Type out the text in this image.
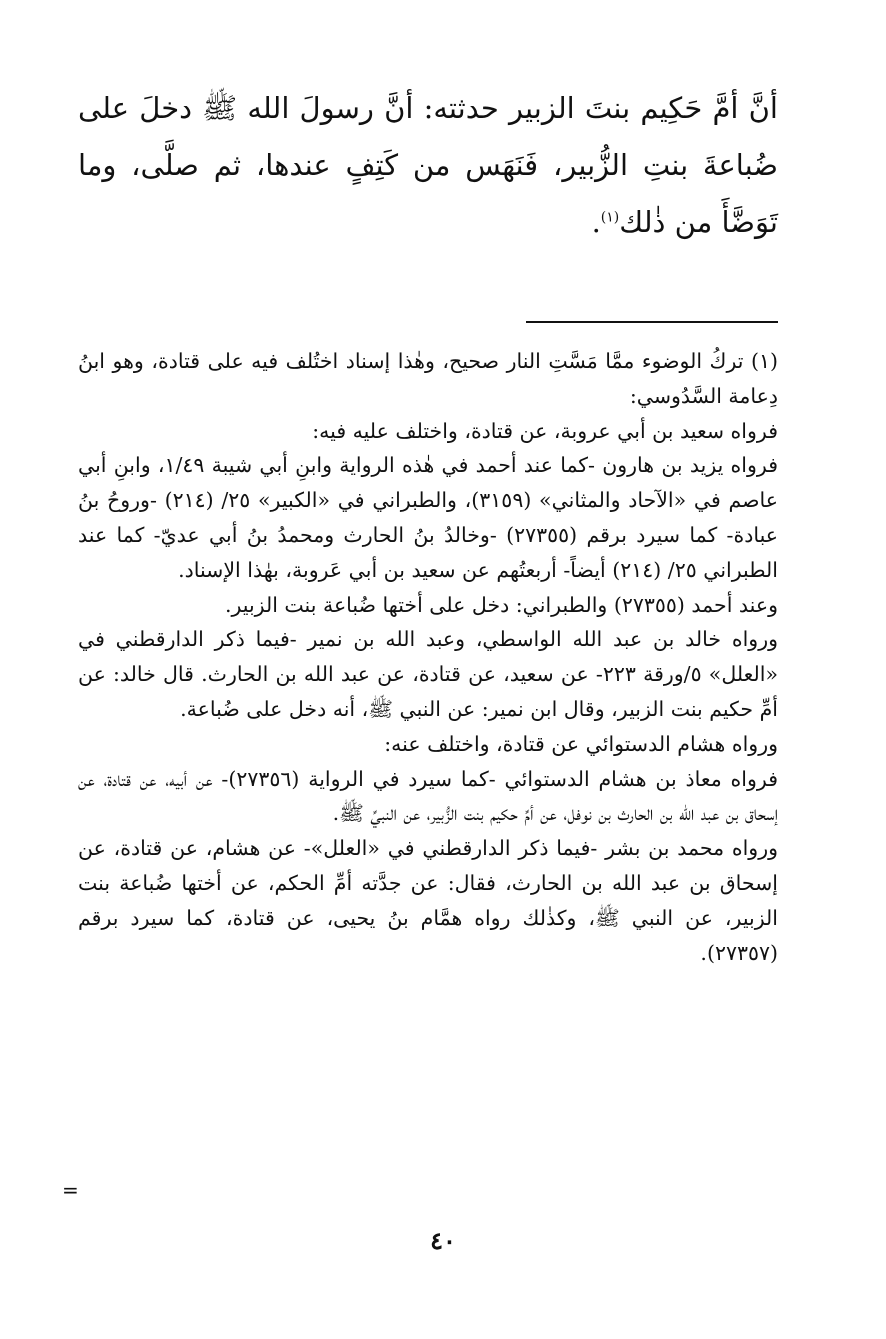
أنَّ أمَّ حَكِيم بنتَ الزبير حدثته: أنَّ رسولَ الله ﷺ دخلَ على ضُباعةَ بنتِ الزُّبير، فَنَهَس من كَتِفٍ عندها، ثم صلَّى، وما تَوَضَّأَ من ذٰلك$^{(١)}$.

(١) تركُ الوضوء ممَّا مَسَّتِ النار صحيح، وهٰذا إسناد اختُلف فيه على قتادة، وهو ابنُ دِعامة السَّدُوسي:

فرواه سعيد بن أبي عروبة، عن قتادة، واختلف عليه فيه:

فرواه يزيد بن هارون -كما عند أحمد في هٰذه الرواية وابنِ أبي شيبة ١/٤٩، وابنِ أبي عاصم في «الآحاد والمثاني» (٣١٥٩)، والطبراني في «الكبير» ٢٥/ (٢١٤) -وروحُ بنُ عبادة- كما سيرد برقم (٢٧٣٥٥) -وخالدُ بنُ الحارث ومحمدُ بنُ أبي عديّ- كما عند الطبراني ٢٥/ (٢١٤) أيضاً- أربعتُهم عن سعيد بن أبي عَروبة، بهٰذا الإسناد.

وعند أحمد (٢٧٣٥٥) والطبراني: دخل على أختها ضُباعة بنت الزبير.

ورواه خالد بن عبد الله الواسطي، وعبد الله بن نمير -فيما ذكر الدارقطني في «العلل» ٥/ورقة ٢٢٣- عن سعيد، عن قتادة، عن عبد الله بن الحارث. قال خالد: عن أمِّ حكيم بنت الزبير، وقال ابن نمير: عن النبي ﷺ، أنه دخل على ضُباعة.

ورواه هشام الدستوائي عن قتادة، واختلف عنه:

فرواه معاذ بن هشام الدستوائي -كما سيرد في الرواية (٢٧٣٥٦)- عن أبيه، عن قتادة، عن إسحاق بن عبد الله بن الحارث بن نوفل، عن أمِّ حكيم بنت الزُّبير، عن النبيِّ ﷺ.

ورواه محمد بن بشر -فيما ذكر الدارقطني في «العلل»- عن هشام، عن قتادة، عن إسحاق بن عبد الله بن الحارث، فقال: عن جدَّته أمِّ الحكم، عن أختها ضُباعة بنت الزبير، عن النبي ﷺ، وكذٰلك رواه همَّام بنُ يحيى، عن قتادة، كما سيرد برقم (٢٧٣٥٧).

=
٤٠
